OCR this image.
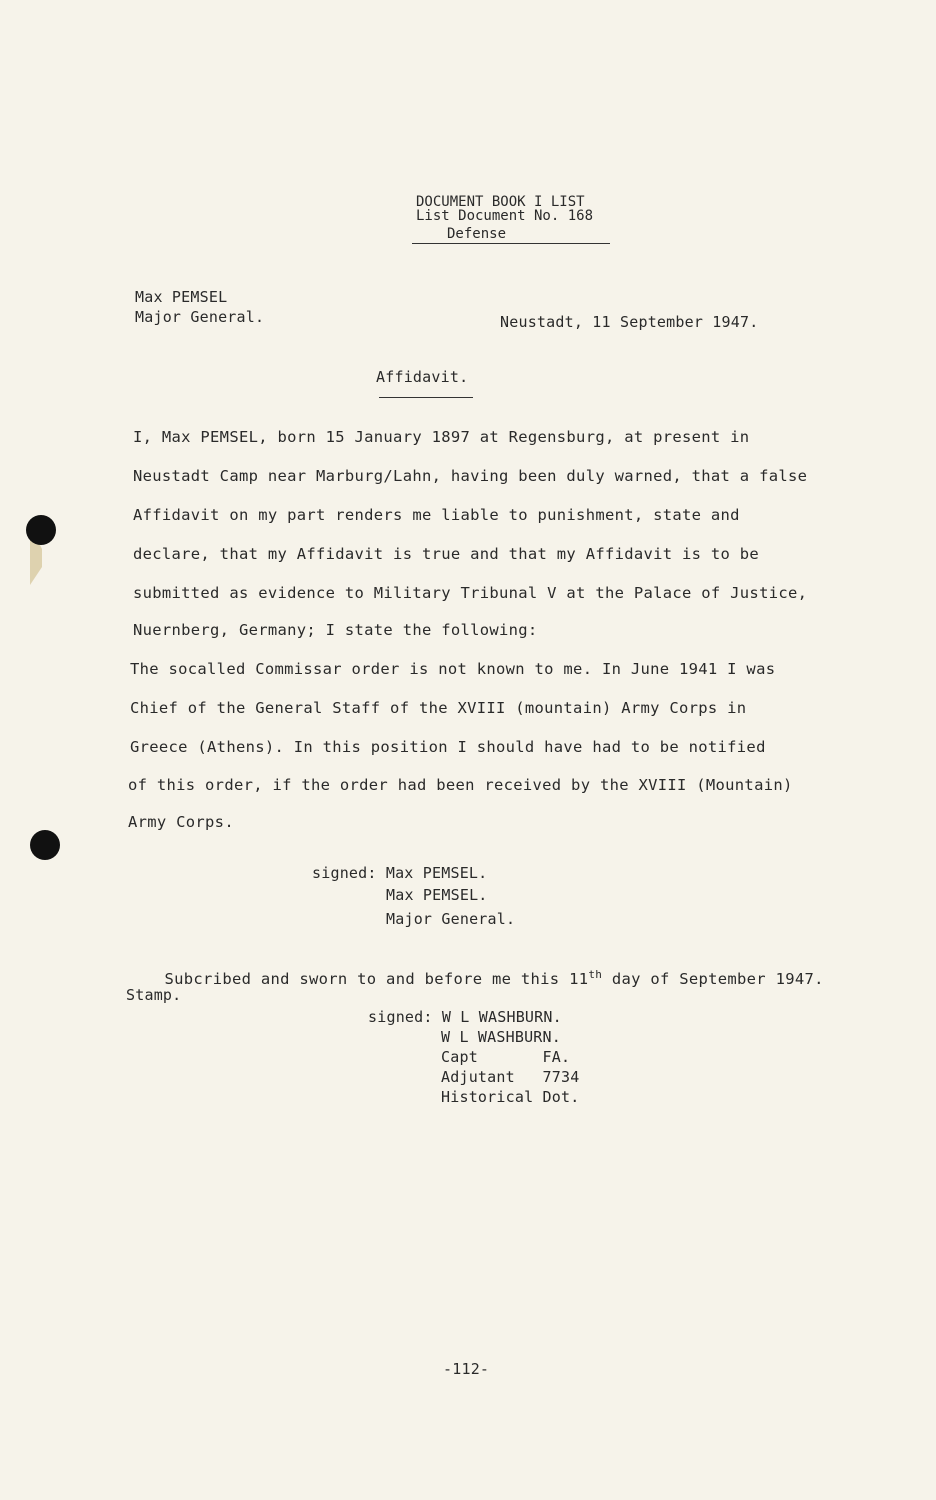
DOCUMENT BOOK I LIST
List Document No. 168
Defense
Max PEMSEL
Major General.	Neustadt, 11 September 1947.
Affidavit.
I, Max PEMSEL, born 15 January 1897 at Regensburg, at present in
Neustadt Camp near Marburg/Lahn, having been duly warned, that a false
Affidavit on my part renders me liable to punishment, state and
declare, that my Affidavit is true and that my Affidavit is to be
submitted as evidence to Military Tribunal V at the Palace of Justice,
Nuernberg, Germany; I state the following:
The socalled Commissar order is not known to me. In June 1941 I was
Chief of the General Staff of the XVIII (mountain) Army Corps in
Greece (Athens). In this position I should have had to be notified
of this order, if the order had been received by the XVIII (Mountain)
Army Corps.
signed: Max PEMSEL.
Max PEMSEL.
Major General.

Subcribed and sworn to and before me this 11th day of September 1947.

Stamp.
signed: W L WASHBURN.
W L WASHBURN.
Capt       FA.
Adjutant   7734
Historical Dot.
-112-
